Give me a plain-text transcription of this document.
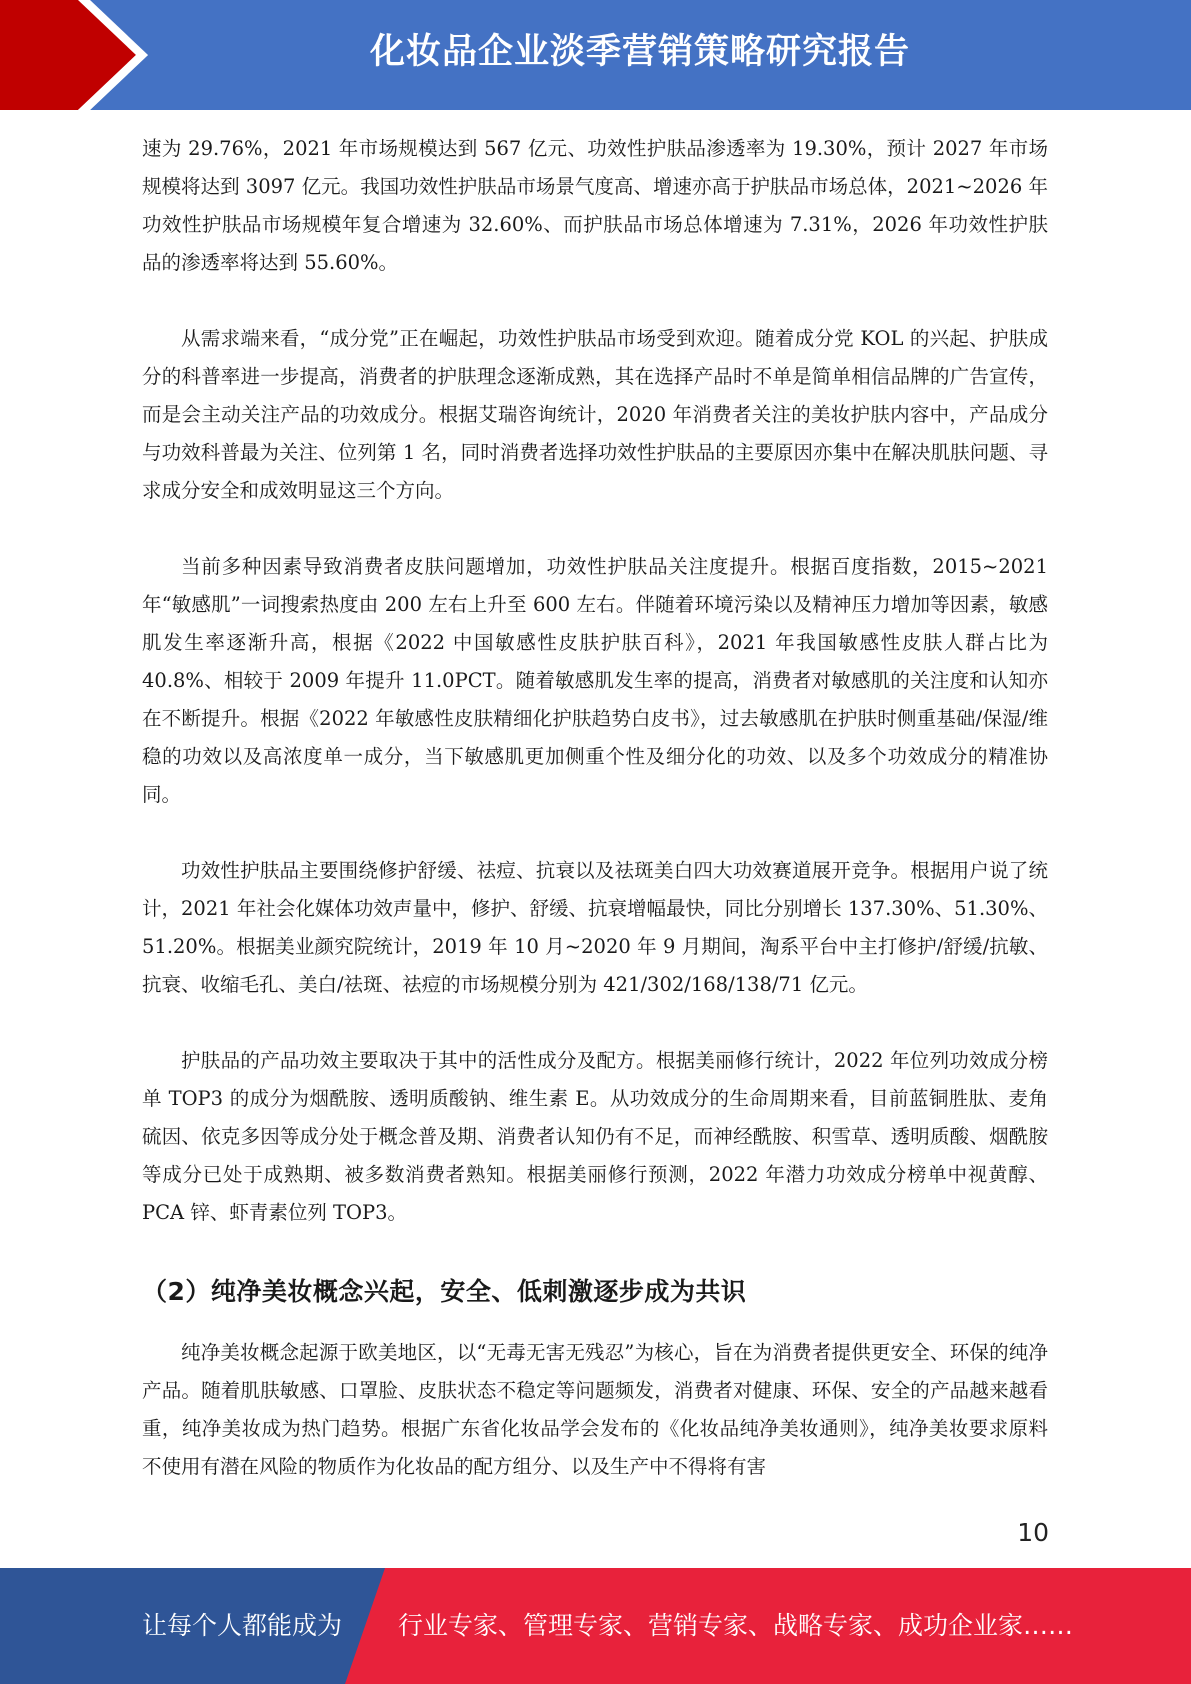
化妆品企业淡季营销策略研究报告

速为 29.76%，2021 年市场规模达到 567 亿元、功效性护肤品渗透率为 19.30%，预计 2027 年市场规模将达到 3097 亿元。我国功效性护肤品市场景气度高、增速亦高于护肤品市场总体，2021~2026 年功效性护肤品市场规模年复合增速为 32.60%、而护肤品市场总体增速为 7.31%，2026 年功效性护肤品的渗透率将达到 55.60%。

从需求端来看，“成分党”正在崛起，功效性护肤品市场受到欢迎。随着成分党 KOL 的兴起、护肤成分的科普率进一步提高，消费者的护肤理念逐渐成熟，其在选择产品时不单是简单相信品牌的广告宣传，而是会主动关注产品的功效成分。根据艾瑞咨询统计，2020 年消费者关注的美妆护肤内容中，产品成分与功效科普最为关注、位列第 1 名，同时消费者选择功效性护肤品的主要原因亦集中在解决肌肤问题、寻求成分安全和成效明显这三个方向。

当前多种因素导致消费者皮肤问题增加，功效性护肤品关注度提升。根据百度指数，2015~2021 年“敏感肌”一词搜索热度由 200 左右上升至 600 左右。伴随着环境污染以及精神压力增加等因素，敏感肌发生率逐渐升高，根据《2022 中国敏感性皮肤护肤百科》，2021 年我国敏感性皮肤人群占比为 40.8%、相较于 2009 年提升 11.0PCT。随着敏感肌发生率的提高，消费者对敏感肌的关注度和认知亦在不断提升。根据《2022 年敏感性皮肤精细化护肤趋势白皮书》，过去敏感肌在护肤时侧重基础/保湿/维稳的功效以及高浓度单一成分，当下敏感肌更加侧重个性及细分化的功效、以及多个功效成分的精准协同。

功效性护肤品主要围绕修护舒缓、祛痘、抗衰以及祛斑美白四大功效赛道展开竞争。根据用户说了统计，2021 年社会化媒体功效声量中，修护、舒缓、抗衰增幅最快，同比分别增长 137.30%、51.30%、51.20%。根据美业颜究院统计，2019 年 10 月~2020 年 9 月期间，淘系平台中主打修护/舒缓/抗敏、抗衰、收缩毛孔、美白/祛斑、祛痘的市场规模分别为 421/302/168/138/71 亿元。

护肤品的产品功效主要取决于其中的活性成分及配方。根据美丽修行统计，2022 年位列功效成分榜单 TOP3 的成分为烟酰胺、透明质酸钠、维生素 E。从功效成分的生命周期来看，目前蓝铜胜肽、麦角硫因、依克多因等成分处于概念普及期、消费者认知仍有不足，而神经酰胺、积雪草、透明质酸、烟酰胺等成分已处于成熟期、被多数消费者熟知。根据美丽修行预测，2022 年潜力功效成分榜单中视黄醇、PCA 锌、虾青素位列 TOP3。

（2）纯净美妆概念兴起，安全、低刺激逐步成为共识

纯净美妆概念起源于欧美地区，以“无毒无害无残忍”为核心，旨在为消费者提供更安全、环保的纯净产品。随着肌肤敏感、口罩脸、皮肤状态不稳定等问题频发，消费者对健康、环保、安全的产品越来越看重，纯净美妆成为热门趋势。根据广东省化妆品学会发布的《化妆品纯净美妆通则》，纯净美妆要求原料不使用有潜在风险的物质作为化妆品的配方组分、以及生产中不得将有害

10
让每个人都能成为 行业专家、管理专家、营销专家、战略专家、成功企业家……
